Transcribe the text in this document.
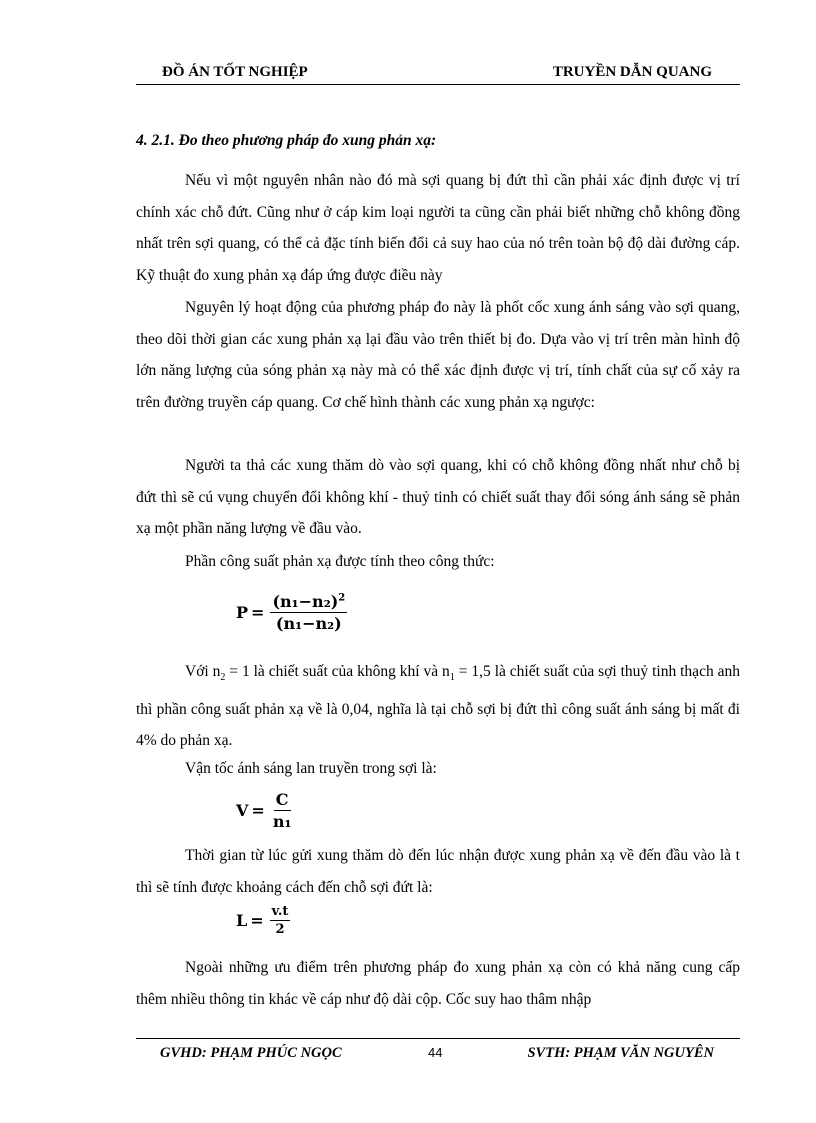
ĐỒ ÁN TỐT NGHIỆP	TRUYỀN DẪN QUANG

4. 2.1. Đo theo phương pháp đo xung phản xạ:

Nếu vì một nguyên nhân nào đó mà sợi quang bị đứt thì cần phải xác định được vị trí chính xác chỗ đứt. Cũng như ở cáp kim loại người ta cũng cần phải biết những chỗ không đồng nhất trên sợi quang, có thể cả đặc tính biến đổi cả suy hao của nó trên toàn bộ độ dài đường cáp. Kỹ thuật đo xung phản xạ đáp ứng được điều này

Nguyên lý hoạt động của phương pháp đo này là phốt cốc xung ánh sáng vào sợi quang, theo dõi thời gian các xung phản xạ lại đầu vào trên thiết bị đo. Dựa vào vị trí trên màn hình độ lớn năng lượng của sóng phản xạ này mà có thể xác định được vị trí, tính chất của sự cố xảy ra trên đường truyền cáp quang. Cơ chế hình thành các xung phản xạ ngược:

Người ta thả các xung thăm dò vào sợi quang, khi có chỗ không đồng nhất như chỗ bị đứt thì sẽ cú vụng chuyển đổi không khí - thuỷ tinh có chiết suất thay đổi sóng ánh sáng sẽ phản xạ một phần năng lượng về đầu vào.

Phần công suất phản xạ được tính theo công thức:

$P = \frac{(n_1-n_2)^2}{\text{(n₁−n₂)}}$

Với $n_2 = 1$ là chiết suất của không khí và $n_1 = 1,5$ là chiết suất của sợi thuỷ tinh thạch anh thì phần công suất phản xạ về là 0,04, nghĩa là tại chỗ sợi bị đứt thì công suất ánh sáng bị mất đi 4% do phản xạ.

Vận tốc ánh sáng lan truyền trong sợi là:

$V = \frac{C}{\text{n₁}}$

Thời gian từ lúc gửi xung thăm dò đến lúc nhận được xung phản xạ về đến đầu vào là t thì sẽ tính được khoảng cách đến chỗ sợi đứt là:

$L = \frac{v.t}{2}$

Ngoài những ưu điểm trên phương pháp đo xung phản xạ còn có khả năng cung cấp thêm nhiều thông tin khác về cáp như độ dài cộp. Cốc suy hao thâm nhập

GVHD: PHẠM PHÚC NGỌC	44	SVTH: PHẠM VĂN NGUYÊN
